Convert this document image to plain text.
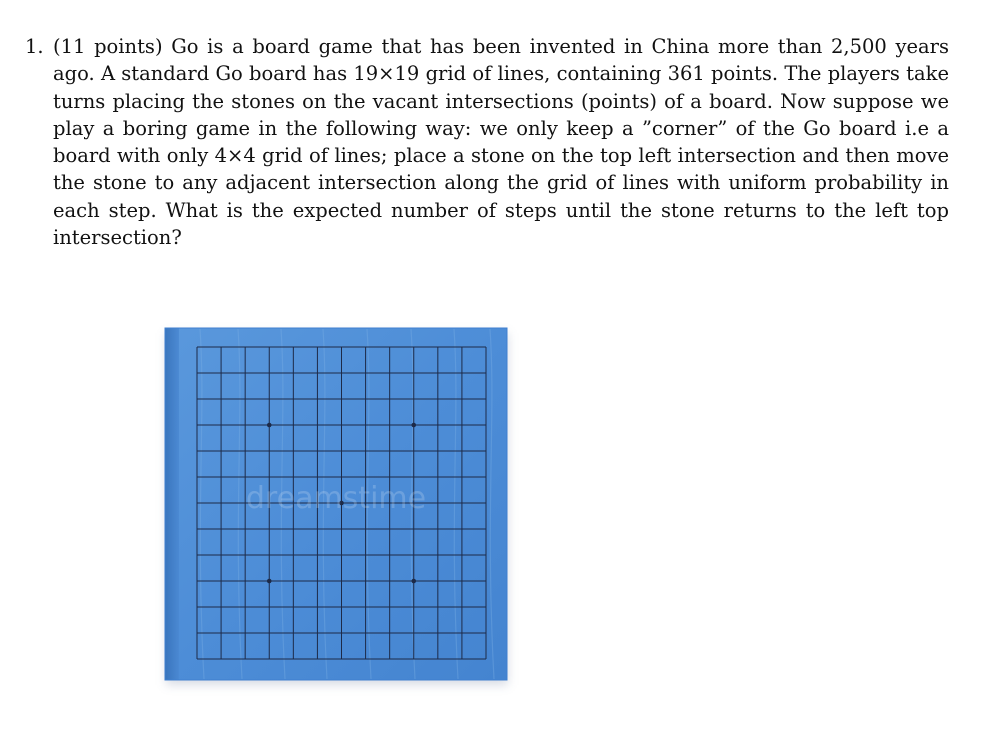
1. (11 points) Go is a board game that has been invented in China more than 2,500 years ago. A standard Go board has 19×19 grid of lines, containing 361 points. The players take turns placing the stones on the vacant intersections (points) of a board. Now suppose we play a boring game in the following way: we only keep a ”corner” of the Go board i.e a board with only 4×4 grid of lines; place a stone on the top left intersection and then move the stone to any adjacent intersection along the grid of lines with uniform probability in each step. What is the expected number of steps until the stone returns to the left top intersection?
dreamstime
